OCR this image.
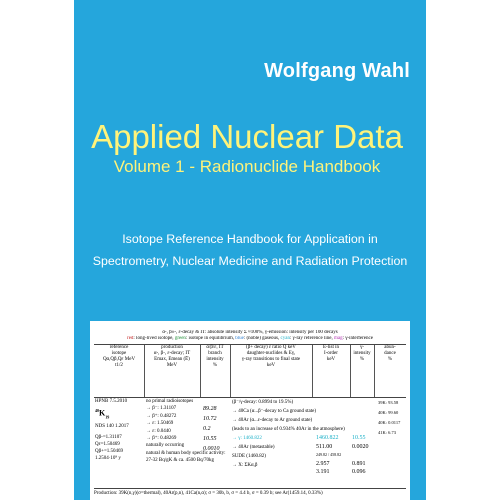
Wolfgang Wahl
Applied Nuclear Data
Volume 1 - Radionuclide Handbook
Isotope Reference Handbook for Application in
Spectrometry, Nuclear Medicine and Radiation Protection
α-, β±-, ε-decay & IT: absolute intensity Σ ≈100%, γ-emission: intensity per 100 decays
red: long-lived isotope, green: isotope in equilibrium, blue: (noble) gaseous, cyan: γ-ray reference line, mag: γ-interference
reference
isotope
Qα,Qβ,Qε MeV
t1/2
production
α-, β-, ε-decay; IT
Emax, Emean (Ē)
MeV
α/β/ε, IT
branch
intensity
%
(β+ decay) ε ratio Q keV
daughter-nuclides & Eγ,
γ-ray transitions to final state
keV
E-list in
I-order
keV
γ-
intensity
%
abun-
dance
%
HPNB 7.5.2010
$^{40}K_{19}$
NDS 140 1.2017
Qβ-=1.31107
Qε=1.50469
Qβ+=1.50469
1.2504·10⁹ y
no primal radioisotopes
→ β⁻: 1.31107
→ β⁺: 0.48272
→ ε: 1.50469
→ ε: 0.0440
→ β⁺: 0.48269
naturally occurring
natural & human body specific activity:
27-32 Bq/gK & ca. 4500 Bq/70kg
89.28
10.72
0.2
10.55
0.0010
(β⁻/γ-decay: 0.8994 to 19.5%)
→ 40Ca (α...β⁻-decay to Ca ground state)
→ 40Ar (α...ε-decay to Ar ground state)
(leads to an increase of 0.934% 40Ar in the atmosphere)
→ γ: 1460.822
→ 40Ar (metastable)
SUDE (1460.82)
→ X: ΣKα,β
1460.822
511.00
249.82 / 458.82
2.957
3.191
10.55
0.0020
0.891
0.096
39K: 93.58
40K: 99.60
40K: 0.0117
41K: 6.73
Production: 39K(n,γ)(σ=thermal), 40Ar(p,n), 41Ca(n,α); σ = 30b, b, σ = 4.4 b, σ = 0.39 b; see Ar(1459.14, 0.33%)
